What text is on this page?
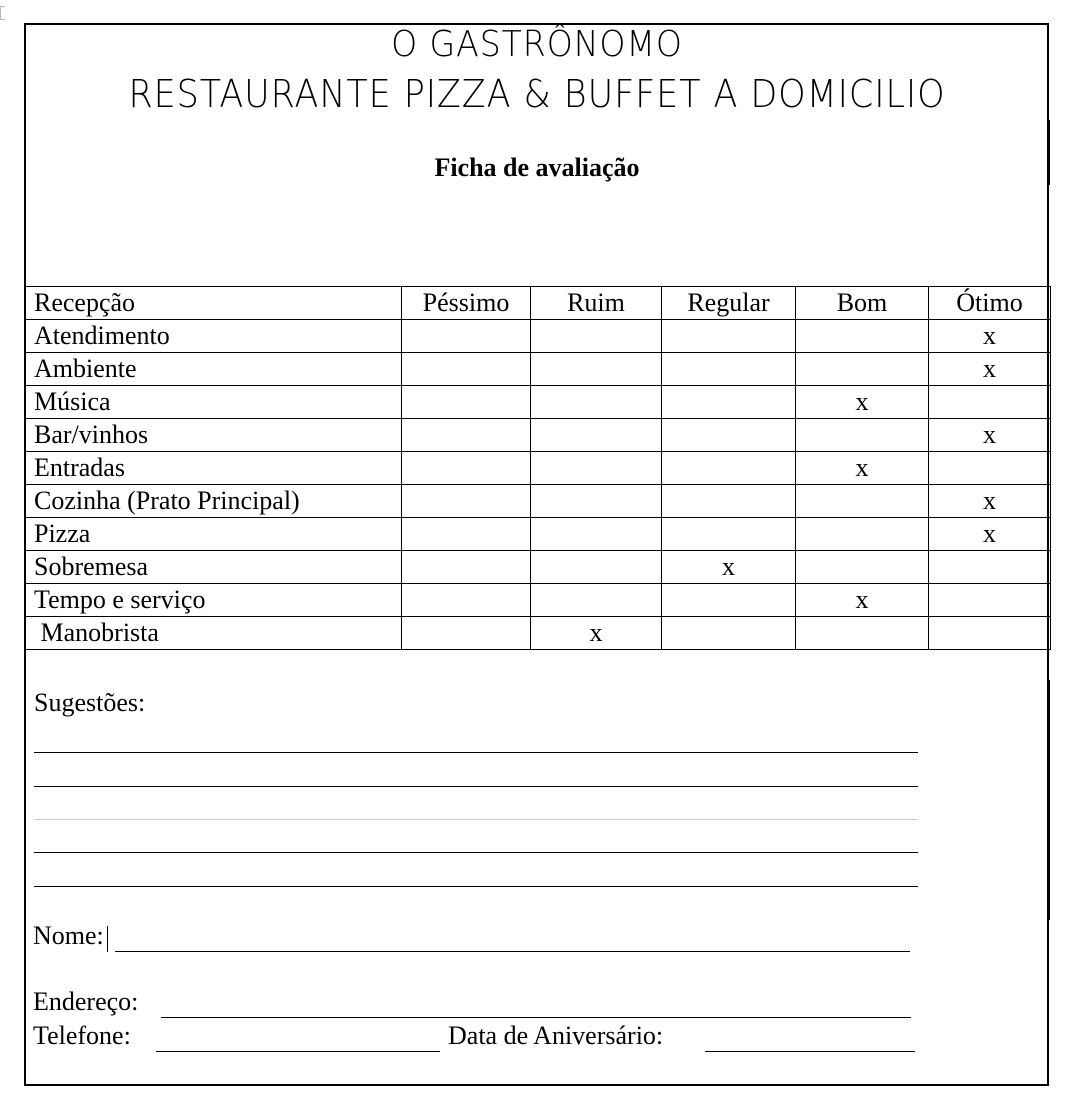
O GASTRÔNOMO
RESTAURANTE PIZZA & BUFFET A DOMICILIO
Ficha de avaliação
Recepção	Péssimo	Ruim	Regular	Bom	Ótimo
Atendimento					x
Ambiente					x
Música				x	
Bar/vinhos					x
Entradas				x	
Cozinha (Prato Principal)					x
Pizza					x
Sobremesa			x		
Tempo e serviço				x	
Manobrista		x			
Sugestões:
Nome:
Endereço:
Telefone:	Data de Aniversário:
